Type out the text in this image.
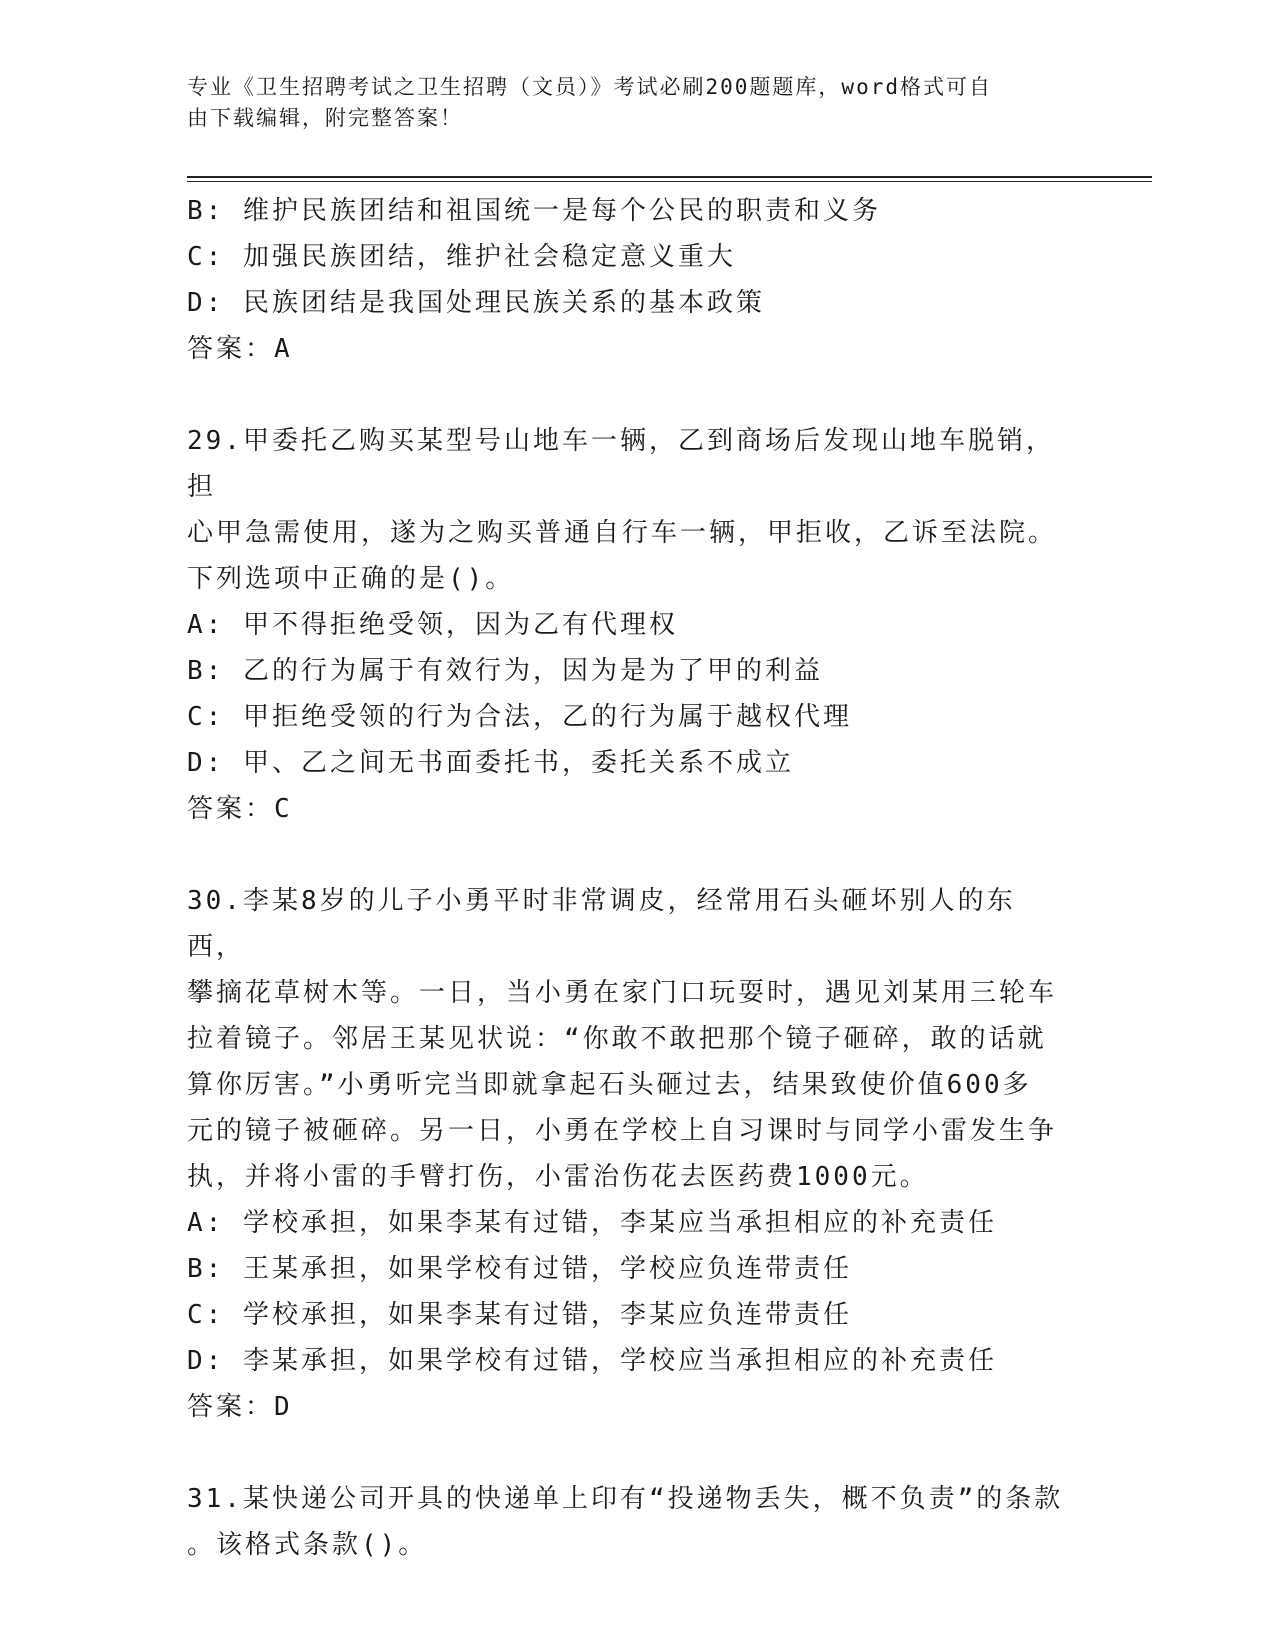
专业《卫生招聘考试之卫生招聘（文员）》考试必刷200题题库，word格式可自
由下载编辑，附完整答案！
B: 维护民族团结和祖国统一是每个公民的职责和义务
C: 加强民族团结，维护社会稳定意义重大
D: 民族团结是我国处理民族关系的基本政策
答案：A
29.甲委托乙购买某型号山地车一辆，乙到商场后发现山地车脱销，担
心甲急需使用，遂为之购买普通自行车一辆，甲拒收，乙诉至法院。
下列选项中正确的是()。
A: 甲不得拒绝受领，因为乙有代理权
B: 乙的行为属于有效行为，因为是为了甲的利益
C: 甲拒绝受领的行为合法，乙的行为属于越权代理
D: 甲、乙之间无书面委托书，委托关系不成立
答案：C
30.李某8岁的儿子小勇平时非常调皮，经常用石头砸坏别人的东西，
攀摘花草树木等。一日，当小勇在家门口玩耍时，遇见刘某用三轮车
拉着镜子。邻居王某见状说：“你敢不敢把那个镜子砸碎，敢的话就
算你厉害。”小勇听完当即就拿起石头砸过去，结果致使价值600多
元的镜子被砸碎。另一日，小勇在学校上自习课时与同学小雷发生争
执，并将小雷的手臂打伤，小雷治伤花去医药费1000元。
A: 学校承担，如果李某有过错，李某应当承担相应的补充责任
B: 王某承担，如果学校有过错，学校应负连带责任
C: 学校承担，如果李某有过错，李某应负连带责任
D: 李某承担，如果学校有过错，学校应当承担相应的补充责任
答案：D
31.某快递公司开具的快递单上印有“投递物丢失，概不负责”的条款
。该格式条款()。
